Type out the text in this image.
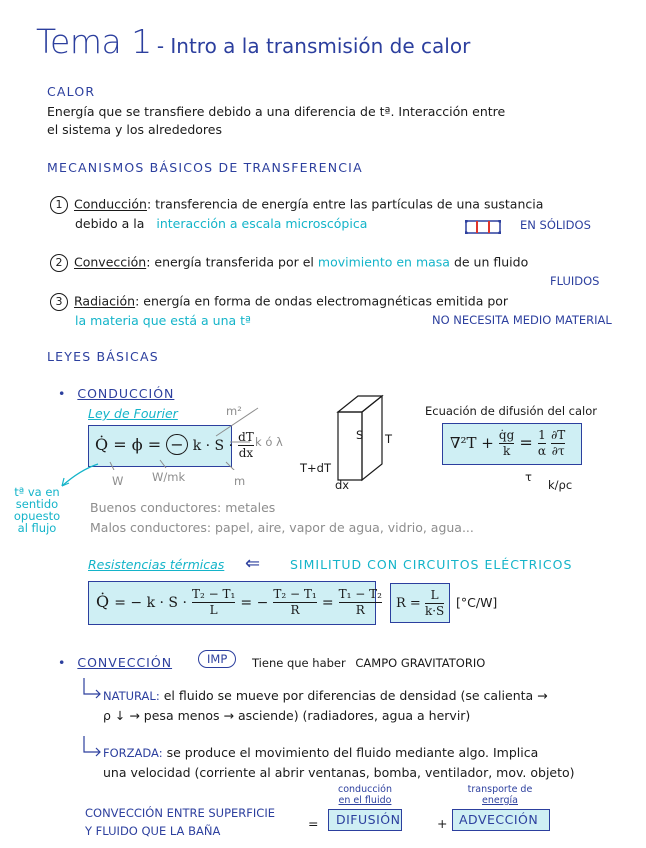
Tema 1 - Intro a la transmisión de calor
CALOR
Energía que se transfiere debido a una diferencia de tª. Interacción entre
el sistema y los alrededores
MECANISMOS BÁSICOS DE TRANSFERENCIA
1 Conducción: transferencia de energía entre las partículas de una sustancia
debido a la interacción a escala microscópica	EN SÓLIDOS
2 Convección: energía transferida por el movimiento en masa de un fluido
FLUIDOS
3 Radiación: energía en forma de ondas electromagnéticas emitida por
la materia que está a una tª	NO NECESITA MEDIO MATERIAL
LEYES BÁSICAS
• CONDUCCIÓN
Ley de Fourier
Q̇ = ϕ = − $k \cdot S \cdot \frac{dT}{dx}$ k ó λ
m²
W W/mk	m
tª va en
sentido
opuesto
al flujo
S T
T+dT
dx
Ecuación de difusión del calor
$\nabla^2T + \frac{q̇g}{k} = \frac{1}{\alpha}$
$\frac{\partial T}{\partial\tau}$
τ
k/ρc
Buenos conductores: metales
Malos conductores: papel, aire, vapor de agua, vidrio, agua...
Resistencias térmicas ⇐ SIMILITUD CON CIRCUITOS ELÉCTRICOS
Q̇ = − $k \cdot S \cdot \frac{\text{T₂ − T₁}}{L}$ = − $\frac{\text{T₂ − T₁}}{R} = \frac{\text{T₁ − T₂}}{R}$ $R = \frac{L}{k\cdot S} [^\circ C/W]$
• CONVECCIÓN	IMP	Tiene que haber CAMPO GRAVITATORIO
NATURAL: el fluido se mueve por diferencias de densidad (se calienta →
ρ ↓ → pesa menos → asciende) (radiadores, agua a hervir)
FORZADA: se produce el movimiento del fluido mediante algo. Implica
una velocidad (corriente al abrir ventanas, bomba, ventilador, mov. objeto)
CONVECCIÓN ENTRE SUPERFICIE
Y FLUIDO QUE LA BAÑA	=
conducción
en el fluido
DIFUSIÓN	+
transporte de
energía
ADVECCIÓN
